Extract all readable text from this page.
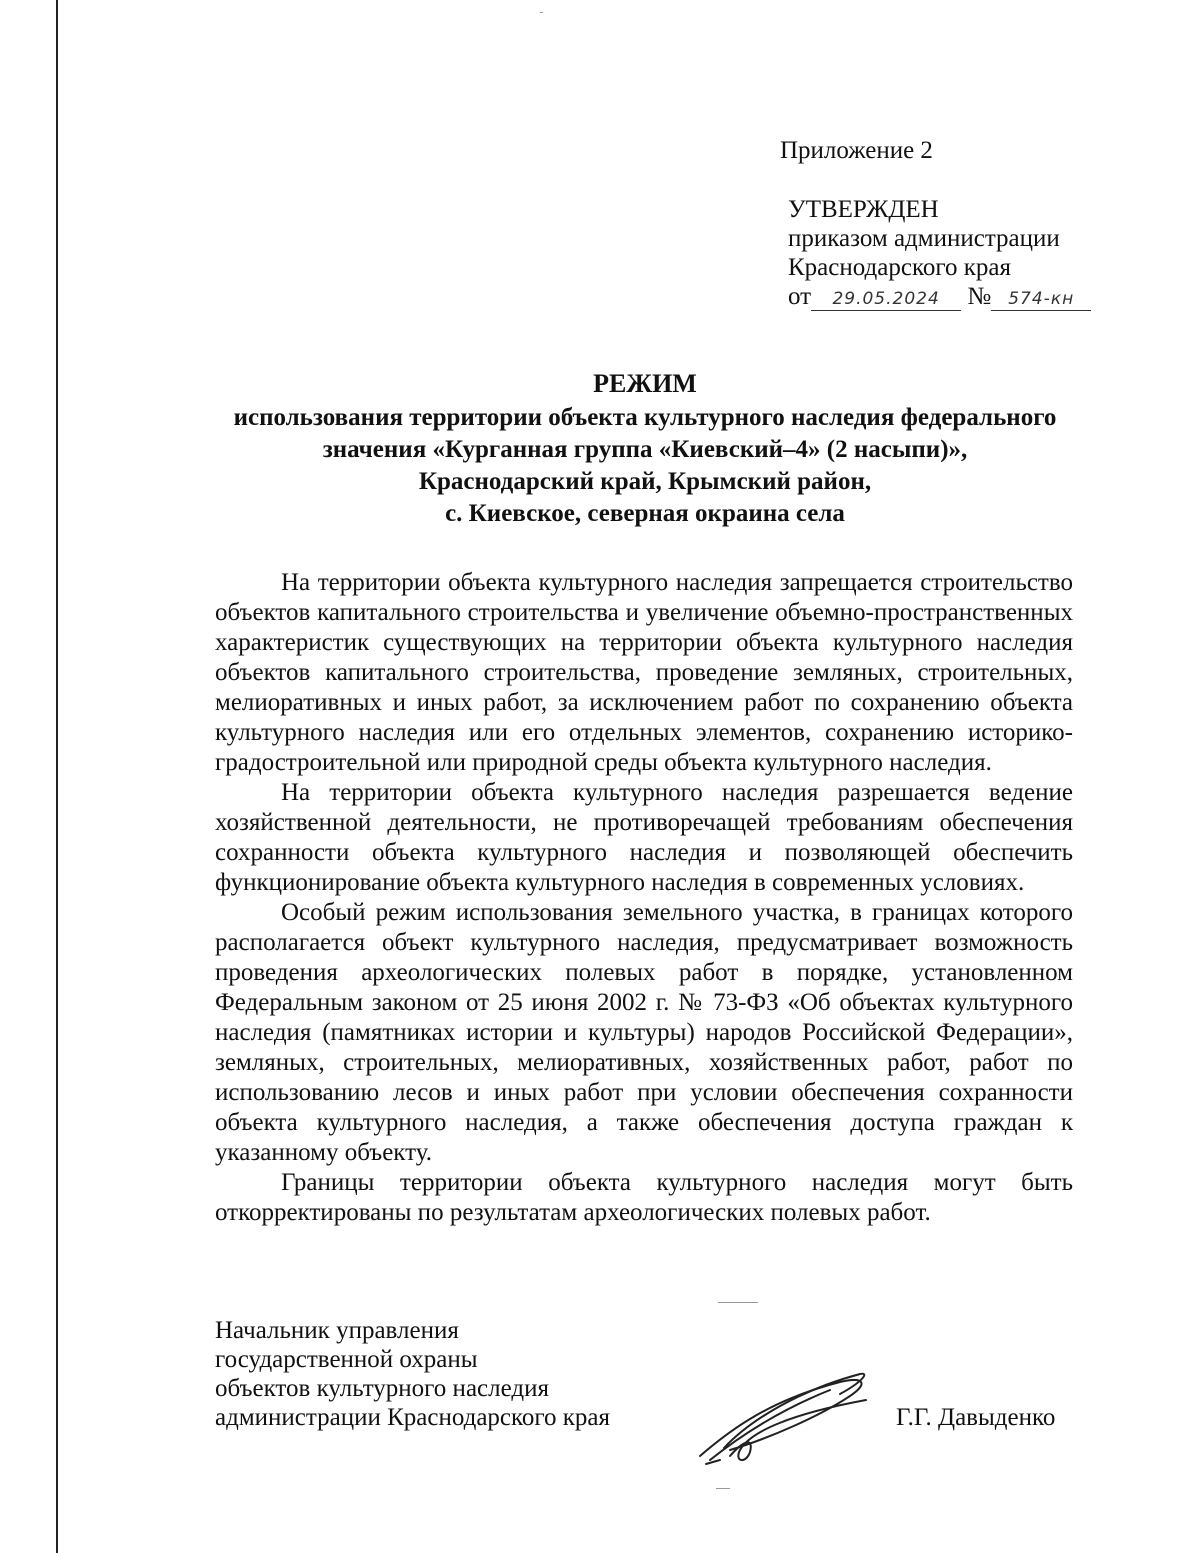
Приложение 2
УТВЕРЖДЕН
приказом администрации
Краснодарского края
от 29.05.2024 № 574-кн
РЕЖИМ
использования территории объекта культурного наследия федерального
значения «Курганная группа «Киевский–4» (2 насыпи)»,
Краснодарский край, Крымский район,
с. Киевское, северная окраина села

На территории объекта культурного наследия запрещается строительство объектов капитального строительства и увеличение объемно-пространственных характеристик существующих на территории объекта культурного наследия объектов капитального строительства, проведение земляных, строительных, мелиоративных и иных работ, за исключением работ по сохранению объекта культурного наследия или его отдельных элементов, сохранению историко-градостроительной или природной среды объекта культурного наследия.

На территории объекта культурного наследия разрешается ведение хозяйственной деятельности, не противоречащей требованиям обеспечения сохранности объекта культурного наследия и позволяющей обеспечить функционирование объекта культурного наследия в современных условиях.

Особый режим использования земельного участка, в границах которого располагается объект культурного наследия, предусматривает возможность проведения археологических полевых работ в порядке, установленном Федеральным законом от 25 июня 2002 г. № 73-ФЗ «Об объектах культурного наследия (памятниках истории и культуры) народов Российской Федерации», земляных, строительных, мелиоративных, хозяйственных работ, работ по использованию лесов и иных работ при условии обеспечения сохранности объекта культурного наследия, а также обеспечения доступа граждан к указанному объекту.

Границы территории объекта культурного наследия могут быть откорректированы по результатам археологических полевых работ.

Начальник управления
государственной охраны
объектов культурного наследия
администрации Краснодарского края	Г.Г. Давыденко
